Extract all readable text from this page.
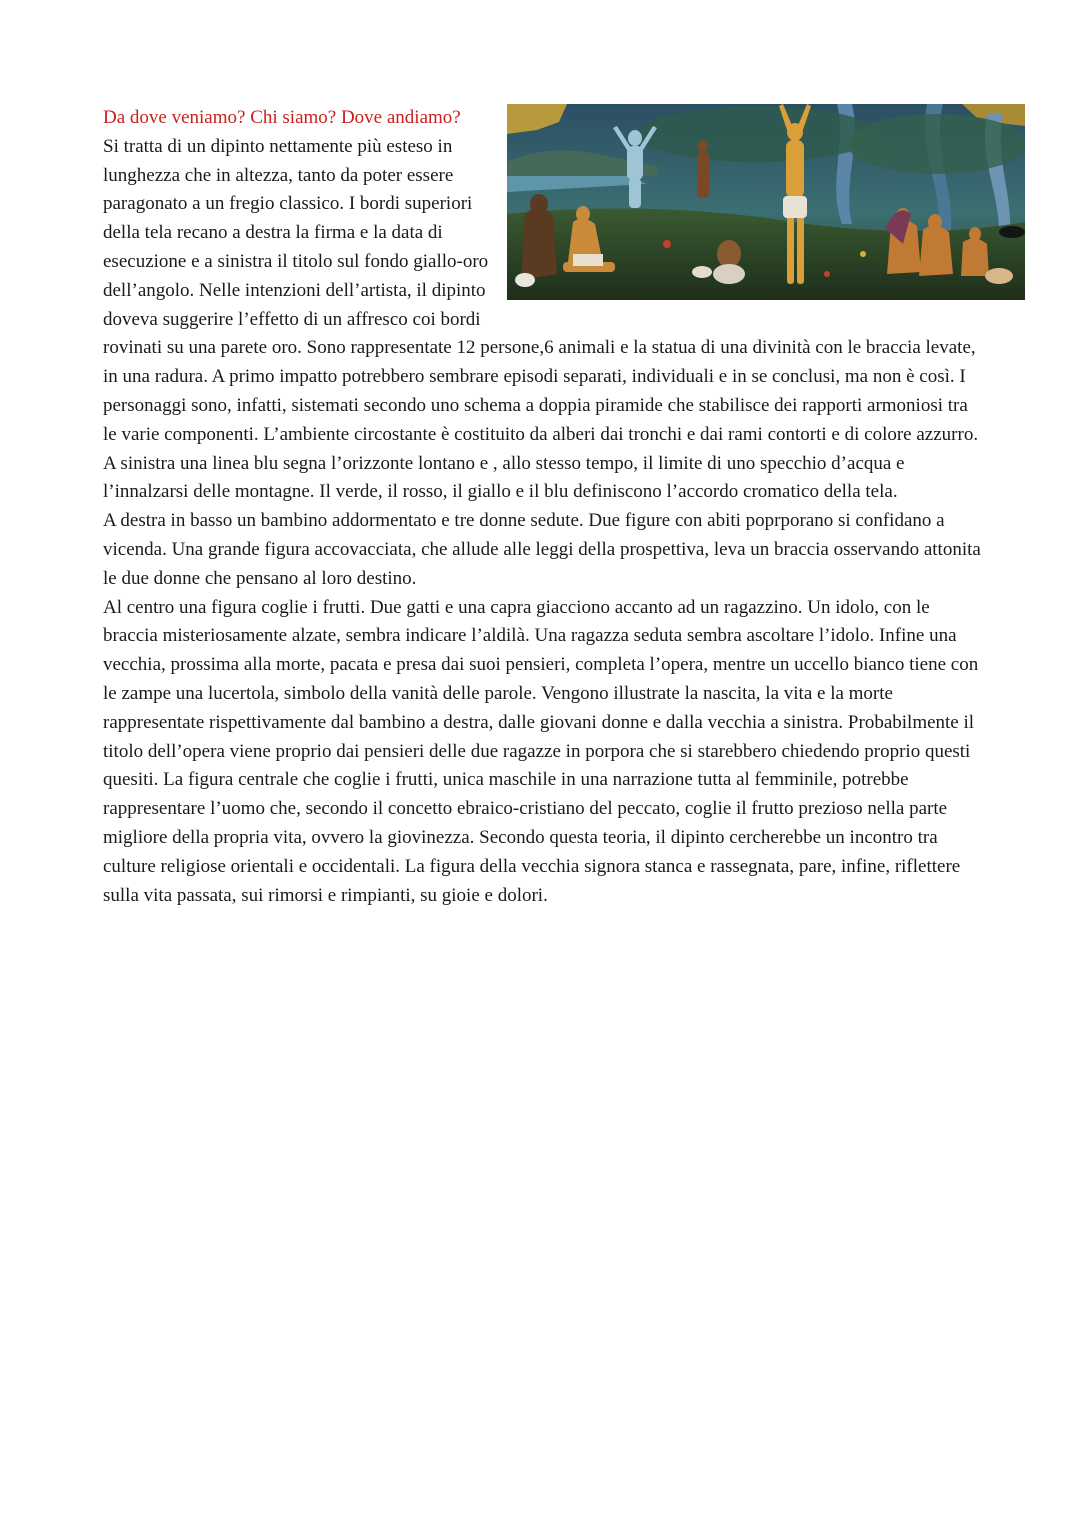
Da dove veniamo? Chi siamo? Dove andiamo?

Si tratta di un dipinto nettamente più esteso in lunghezza che in altezza, tanto da poter essere paragonato a un fregio classico. I bordi superiori della tela recano a destra la firma e la data di esecuzione e a sinistra il titolo sul fondo giallo-oro dell’angolo. Nelle intenzioni dell’artista, il dipinto doveva suggerire l’effetto di un affresco coi bordi rovinati su una parete oro. Sono rappresentate 12 persone,6 animali e la statua di una divinità con le braccia levate, in una radura. A primo impatto potrebbero sembrare episodi separati, individuali e in se conclusi, ma non è così. I personaggi sono, infatti, sistemati secondo uno schema a doppia piramide che stabilisce dei rapporti armoniosi tra le varie componenti. L’ambiente circostante è costituito da alberi dai tronchi e dai rami contorti e di colore azzurro. A sinistra una linea blu segna l’orizzonte lontano e , allo stesso tempo, il limite di uno specchio d’acqua e l’innalzarsi delle montagne. Il verde, il rosso, il giallo e il blu definiscono l’accordo cromatico della tela.

A destra in basso un bambino addormentato e tre donne sedute. Due figure con abiti poprporano si confidano a vicenda. Una grande figura accovacciata, che allude alle leggi della prospettiva, leva un braccia osservando attonita le due donne che pensano al loro destino.

Al centro una figura coglie i frutti. Due gatti e una capra giacciono accanto ad un ragazzino. Un idolo, con le braccia misteriosamente alzate, sembra indicare l’aldilà. Una ragazza seduta sembra ascoltare l’idolo. Infine una vecchia, prossima alla morte, pacata e presa dai suoi pensieri, completa l’opera, mentre un uccello bianco tiene con le zampe una lucertola, simbolo della vanità delle parole. Vengono illustrate la nascita, la vita e la morte rappresentate rispettivamente dal bambino a destra, dalle giovani donne e dalla vecchia a sinistra. Probabilmente il titolo dell’opera viene proprio dai pensieri delle due ragazze in porpora che si starebbero chiedendo proprio questi quesiti. La figura centrale che coglie i frutti, unica maschile in una narrazione tutta al femminile, potrebbe rappresentare l’uomo che, secondo il concetto ebraico-cristiano del peccato, coglie il frutto prezioso nella parte migliore della propria vita, ovvero la giovinezza. Secondo questa teoria, il dipinto cercherebbe un incontro tra culture religiose orientali e occidentali. La figura della vecchia signora stanca e rassegnata, pare, infine, riflettere sulla vita passata, sui rimorsi e rimpianti, su gioie e dolori.
